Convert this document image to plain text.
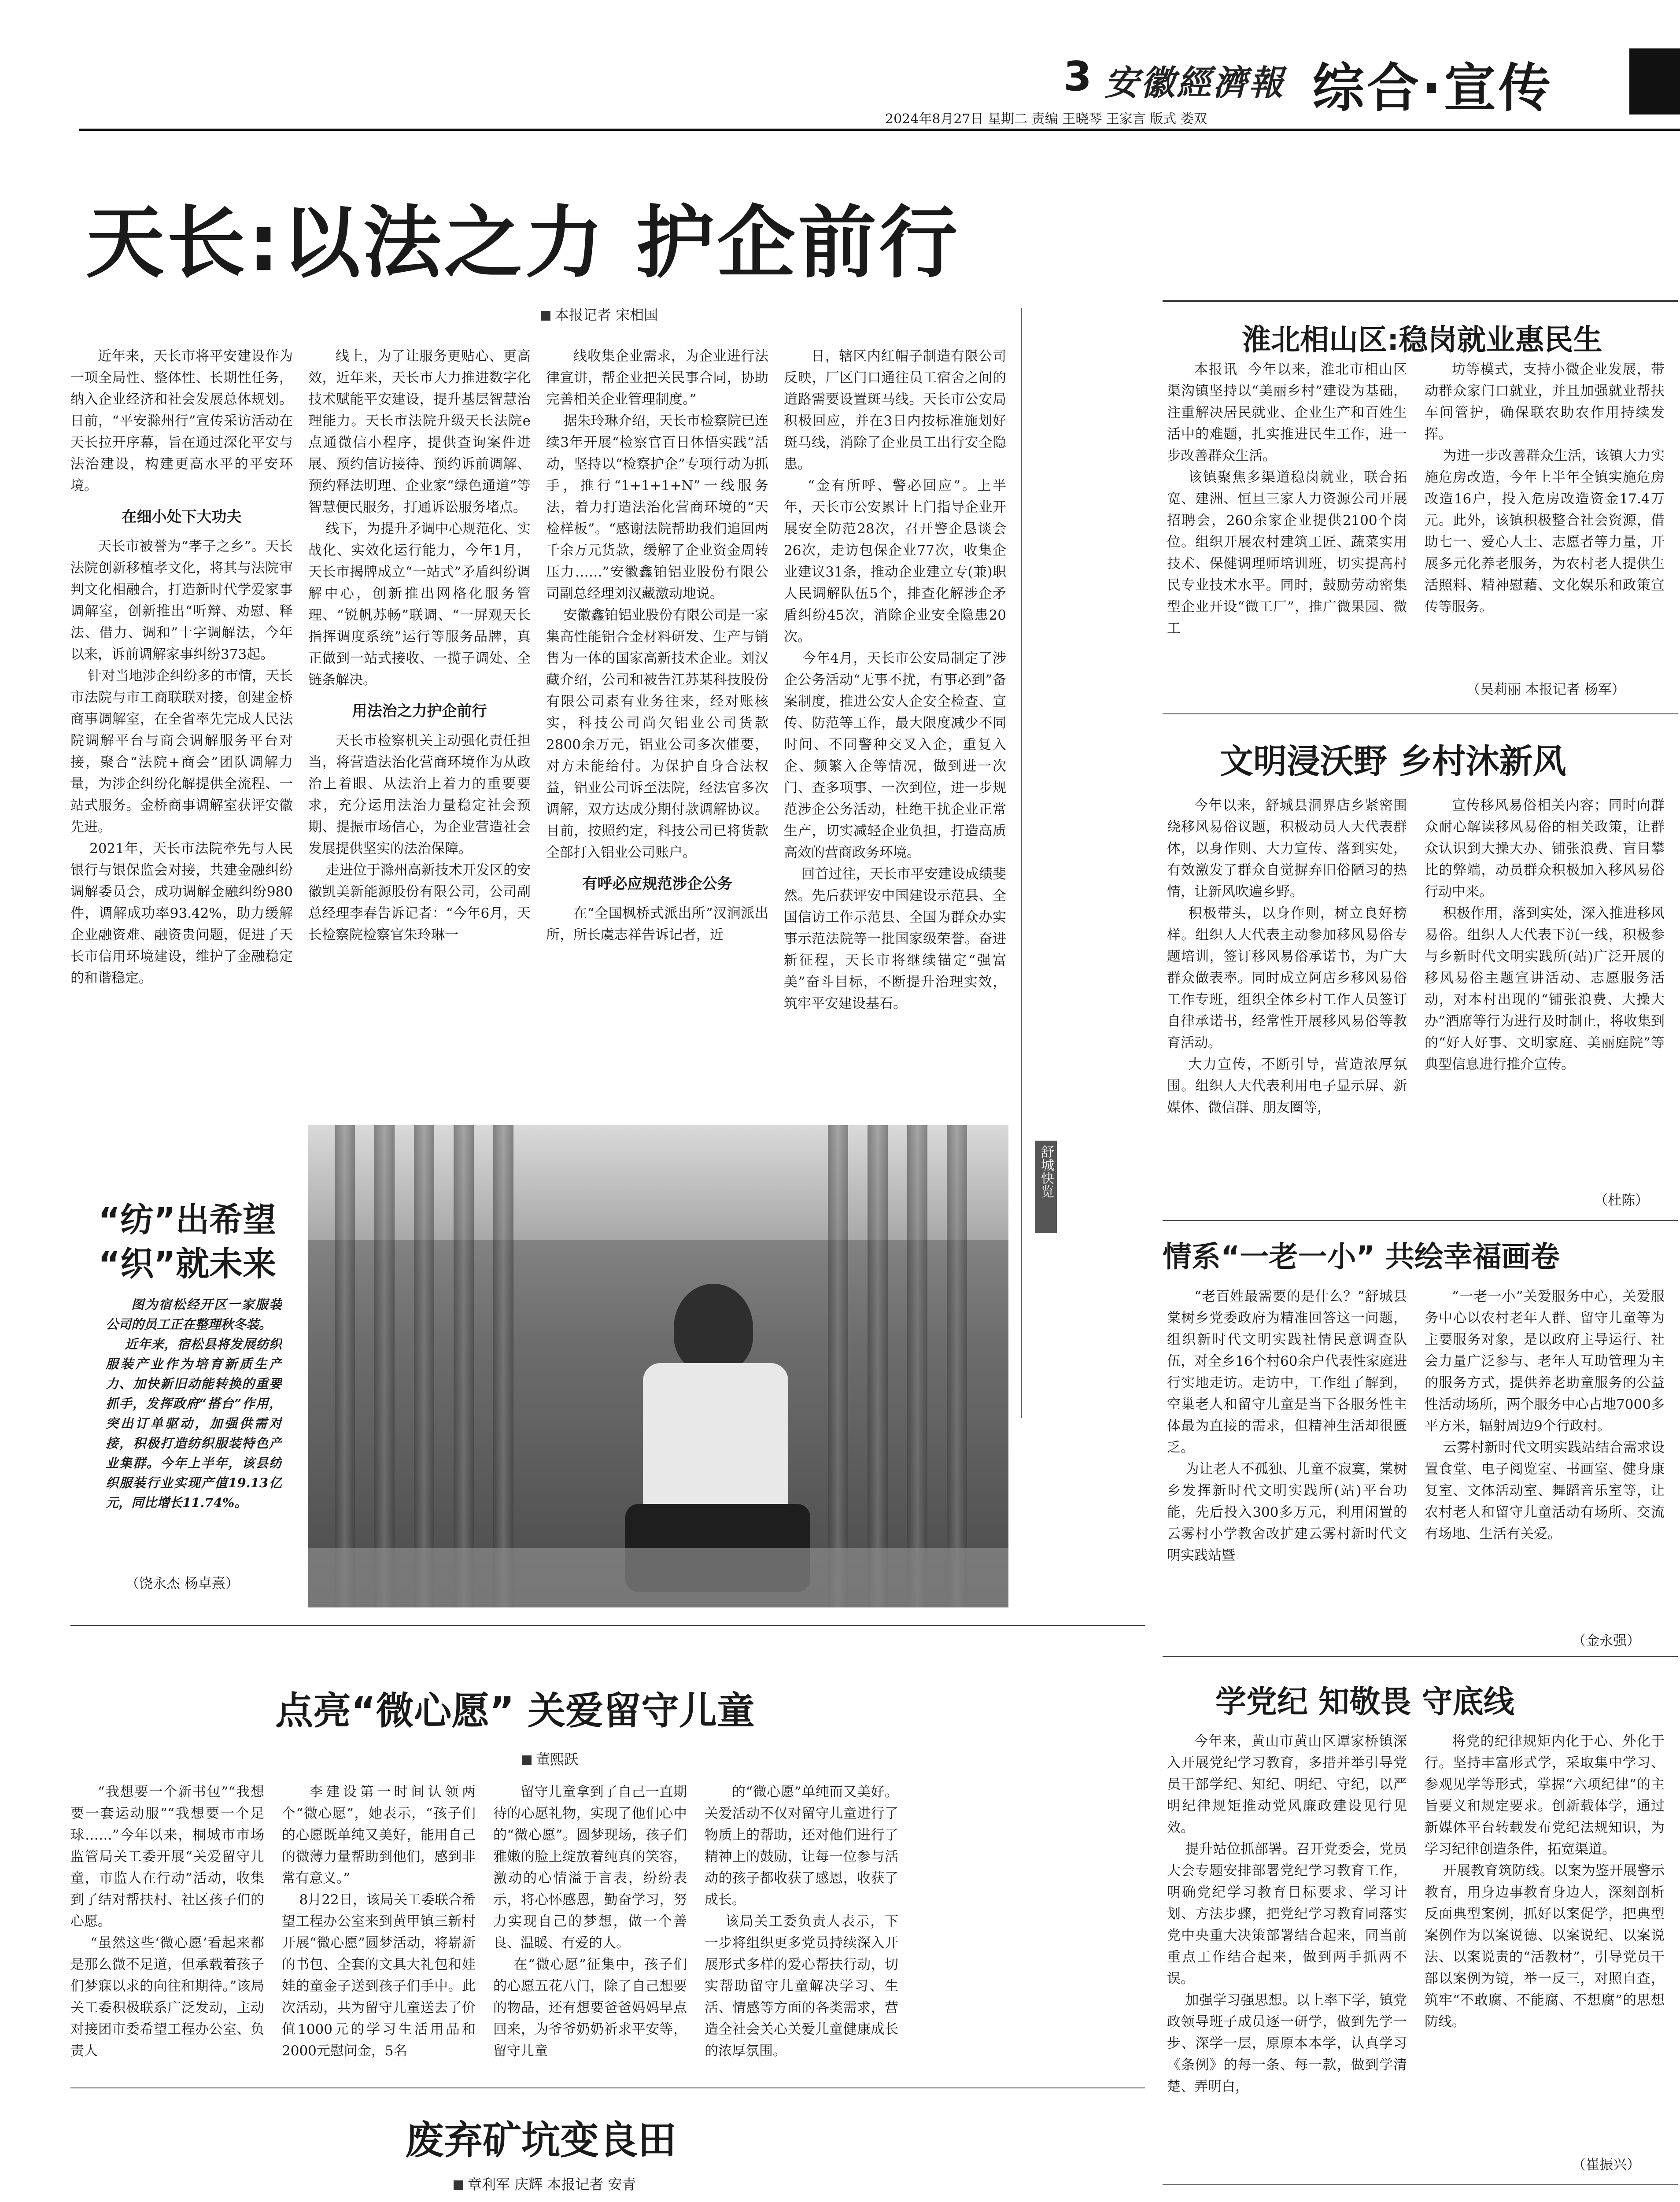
3 安徽經濟報
2024年8月27日 星期二 责编 王晓琴 王家言 版式 娄双
综合·宣传
天长:以法之力 护企前行
本报记者 宋相国

近年来，天长市将平安建设作为一项全局性、整体性、长期性任务，纳入企业经济和社会发展总体规划。日前，“平安滁州行”宣传采访活动在天长拉开序幕，旨在通过深化平安与法治建设，构建更高水平的平安环境。

在细小处下大功夫

天长市被誉为“孝子之乡”。天长法院创新移植孝文化，将其与法院审判文化相融合，打造新时代学爱家事调解室，创新推出“听辩、劝慰、释法、借力、调和”十字调解法，今年以来，诉前调解家事纠纷373起。
针对当地涉企纠纷多的市情，天长市法院与市工商联联对接，创建金桥商事调解室，在全省率先完成人民法院调解平台与商会调解服务平台对接，聚合“法院+商会”团队调解力量，为涉企纠纷化解提供全流程、一站式服务。金桥商事调解室获评安徽先进。
2021年，天长市法院牵先与人民银行与银保监会对接，共建金融纠纷调解委员会，成功调解金融纠纷980件，调解成功率93.42%，助力缓解企业融资难、融资贵问题，促进了天长市信用环境建设，维护了金融稳定的和谐稳定。

线上，为了让服务更贴心、更高效，近年来，天长市大力推进数字化技术赋能平安建设，提升基层智慧治理能力。天长市法院升级天长法院e点通微信小程序，提供查询案件进展、预约信访接待、预约诉前调解、预约释法明理、企业家“绿色通道”等智慧便民服务，打通诉讼服务堵点。
线下，为提升矛调中心规范化、实战化、实效化运行能力，今年1月，天长市揭牌成立“一站式”矛盾纠纷调解中心，创新推出网格化服务管理、“锐帆苏畅”联调、“一屏观天长指挥调度系统”运行等服务品牌，真正做到一站式接收、一揽子调处、全链条解决。

用法治之力护企前行

天长市检察机关主动强化责任担当，将营造法治化营商环境作为从政治上着眼、从法治上着力的重要要求，充分运用法治力量稳定社会预期、提振市场信心，为企业营造社会发展提供坚实的法治保障。
走进位于滁州高新技术开发区的安徽凯美新能源股份有限公司，公司副总经理李春告诉记者：“今年6月，天长检察院检察官朱玲琳一

线收集企业需求，为企业进行法律宣讲，帮企业把关民事合同，协助完善相关企业管理制度。”
据朱玲琳介绍，天长市检察院已连续3年开展“检察官百日体悟实践”活动，坚持以“检察护企”专项行动为抓手，推行“1+1+1+N”一线服务法，着力打造法治化营商环境的“天检样板”。“感谢法院帮助我们追回两千余万元货款，缓解了企业资金周转压力……”安徽鑫铂铝业股份有限公司副总经理刘汉藏激动地说。
安徽鑫铂铝业股份有限公司是一家集高性能铝合金材料研发、生产与销售为一体的国家高新技术企业。刘汉藏介绍，公司和被告江苏某科技股份有限公司素有业务往来，经对账核实，科技公司尚欠铝业公司货款2800余万元，铝业公司多次催要，对方未能给付。为保护自身合法权益，铝业公司诉至法院，经法官多次调解，双方达成分期付款调解协议。目前，按照约定，科技公司已将货款全部打入铝业公司账户。

有呼必应规范涉企公务

在“全国枫桥式派出所”汊涧派出所，所长虞志祥告诉记者，近

日，辖区内红帽子制造有限公司反映，厂区门口通往员工宿舍之间的道路需要设置斑马线。天长市公安局积极回应，并在3日内按标准施划好斑马线，消除了企业员工出行安全隐患。
“金有所呼、警必回应”。上半年，天长市公安累计上门指导企业开展安全防范28次，召开警企恳谈会26次，走访包保企业77次，收集企业建议31条，推动企业建立专(兼)职人民调解队伍5个，排查化解涉企矛盾纠纷45次，消除企业安全隐患20次。
今年4月，天长市公安局制定了涉企公务活动“无事不扰，有事必到”备案制度，推进公安人企安全检查、宣传、防范等工作，最大限度减少不同时间、不同警种交叉入企，重复入企、频繁入企等情况，做到进一次门、查多项事、一次到位，进一步规范涉企公务活动，杜绝干扰企业正常生产，切实减轻企业负担，打造高质高效的营商政务环境。
回首过往，天长市平安建设成绩斐然。先后获评安中国建设示范县、全国信访工作示范县、全国为群众办实事示范法院等一批国家级荣誉。奋进新征程，天长市将继续锚定“强富美”奋斗目标，不断提升治理实效，筑牢平安建设基石。

“纺”出希望
“织”就未来

图为宿松经开区一家服装公司的员工正在整理秋冬装。
近年来，宿松县将发展纺织服装产业作为培育新质生产力、加快新旧动能转换的重要抓手，发挥政府“搭台”作用，突出订单驱动，加强供需对接，积极打造纺织服装特色产业集群。今年上半年，该县纺织服装行业实现产值19.13亿元，同比增长11.74%。

（饶永杰 杨卓熹）
舒城快览
淮北相山区:稳岗就业惠民生

本报讯  今年以来，淮北市相山区渠沟镇坚持以“美丽乡村”建设为基础，注重解决居民就业、企业生产和百姓生活中的难题，扎实推进民生工作，进一步改善群众生活。
该镇聚焦多渠道稳岗就业，联合拓宽、建洲、恒旦三家人力资源公司开展招聘会，260余家企业提供2100个岗位。组织开展农村建筑工匠、蔬菜实用技术、保健调理师培训班，切实提高村民专业技术水平。同时，鼓励劳动密集型企业开设“微工厂”，推广微果园、微工

坊等模式，支持小微企业发展，带动群众家门口就业，并且加强就业帮扶车间管护，确保联农助农作用持续发挥。
为进一步改善群众生活，该镇大力实施危房改造，今年上半年全镇实施危房改造16户，投入危房改造资金17.4万元。此外，该镇积极整合社会资源，借助七一、爱心人士、志愿者等力量，开展多元化养老服务，为农村老人提供生活照料、精神慰藉、文化娱乐和政策宣传等服务。

（吴莉丽 本报记者 杨军）
文明浸沃野 乡村沐新风

今年以来，舒城县洞界店乡紧密围绕移风易俗议题，积极动员人大代表群体，以身作则、大力宣传、落到实处，有效激发了群众自觉摒弃旧俗陋习的热情，让新风吹遍乡野。
积极带头，以身作则，树立良好榜样。组织人大代表主动参加移风易俗专题培训，签订移风易俗承诺书，为广大群众做表率。同时成立阿店乡移风易俗工作专班，组织全体乡村工作人员签订自律承诺书，经常性开展移风易俗等教育活动。
大力宣传，不断引导，营造浓厚氛围。组织人大代表利用电子显示屏、新媒体、微信群、朋友圈等，

宣传移风易俗相关内容；同时向群众耐心解读移风易俗的相关政策，让群众认识到大操大办、铺张浪费、盲目攀比的弊端，动员群众积极加入移风易俗行动中来。
积极作用，落到实处，深入推进移风易俗。组织人大代表下沉一线，积极参与乡新时代文明实践所(站)广泛开展的移风易俗主题宣讲活动、志愿服务活动，对本村出现的“铺张浪费、大操大办”酒席等行为进行及时制止，将收集到的“好人好事、文明家庭、美丽庭院”等典型信息进行推介宣传。

（杜陈）
情系“一老一小” 共绘幸福画卷

“老百姓最需要的是什么？”舒城县棠树乡党委政府为精准回答这一问题，组织新时代文明实践社情民意调查队伍，对全乡16个村60余户代表性家庭进行实地走访。走访中，工作组了解到，空巢老人和留守儿童是当下各服务性主体最为直接的需求，但精神生活却很匮乏。
为让老人不孤独、儿童不寂寞，棠树乡发挥新时代文明实践所(站)平台功能，先后投入300多万元，利用闲置的云雾村小学教舍改扩建云雾村新时代文明实践站暨

“一老一小”关爱服务中心，关爱服务中心以农村老年人群、留守儿童等为主要服务对象，是以政府主导运行、社会力量广泛参与、老年人互助管理为主的服务方式，提供养老助童服务的公益性活动场所，两个服务中心占地7000多平方米，辐射周边9个行政村。
云雾村新时代文明实践站结合需求设置食堂、电子阅览室、书画室、健身康复室、文体活动室、舞蹈音乐室等，让农村老人和留守儿童活动有场所、交流有场地、生活有关爱。

（金永强）
学党纪 知敬畏 守底线

今年来，黄山市黄山区谭家桥镇深入开展党纪学习教育，多措并举引导党员干部学纪、知纪、明纪、守纪，以严明纪律规矩推动党风廉政建设见行见效。
提升站位抓部署。召开党委会，党员大会专题安排部署党纪学习教育工作，明确党纪学习教育目标要求、学习计划、方法步骤，把党纪学习教育同落实党中央重大决策部署结合起来，同当前重点工作结合起来，做到两手抓两不误。
加强学习强思想。以上率下学，镇党政领导班子成员逐一研学，做到先学一步、深学一层，原原本本学，认真学习《条例》的每一条、每一款，做到学清楚、弄明白，

将党的纪律规矩内化于心、外化于行。坚持丰富形式学，采取集中学习、参观见学等形式，掌握“六项纪律”的主旨要义和规定要求。创新载体学，通过新媒体平台转载发布党纪法规知识，为学习纪律创造条件，拓宽渠道。
开展教育筑防线。以案为鉴开展警示教育，用身边事教育身边人，深刻剖析反面典型案例，抓好以案促学，把典型案例作为以案说德、以案说纪、以案说法、以案说责的“活教材”，引导党员干部以案例为镜，举一反三，对照自查，筑牢“不敢腐、不能腐、不想腐”的思想防线。

（崔振兴）

点亮“微心愿” 关爱留守儿童
董熙跃

“我想要一个新书包”“我想要一套运动服”“我想要一个足球……”今年以来，桐城市市场监管局关工委开展“关爱留守儿童，市监人在行动”活动，收集到了结对帮扶村、社区孩子们的心愿。
“虽然这些‘微心愿’看起来都是那么微不足道，但承载着孩子们梦寐以求的向往和期待。”该局关工委积极联系广泛发动，主动对接团市委希望工程办公室、负责人

李建设第一时间认领两个“微心愿”，她表示，“孩子们的心愿既单纯又美好，能用自己的微薄力量帮助到他们，感到非常有意义。”
8月22日，该局关工委联合希望工程办公室来到黄甲镇三新村开展“微心愿”圆梦活动，将崭新的书包、全套的文具大礼包和娃娃的童金子送到孩子们手中。此次活动，共为留守儿童送去了价值1000元的学习生活用品和2000元慰问金，5名

留守儿童拿到了自己一直期待的心愿礼物，实现了他们心中的“微心愿”。圆梦现场，孩子们雅嫩的脸上绽放着纯真的笑容，激动的心情溢于言表，纷纷表示，将心怀感恩，勤奋学习，努力实现自己的梦想，做一个善良、温暖、有爱的人。
在“微心愿”征集中，孩子们的心愿五花八门，除了自己想要的物品，还有想要爸爸妈妈早点回来，为爷爷奶奶祈求平安等，留守儿童

的“微心愿”单纯而又美好。关爱活动不仅对留守儿童进行了物质上的帮助，还对他们进行了精神上的鼓励，让每一位参与活动的孩子都收获了感恩，收获了成长。
该局关工委负责人表示，下一步将组织更多党员持续深入开展形式多样的爱心帮扶行动，切实帮助留守儿童解决学习、生活、情感等方面的各类需求，营造全社会关心关爱儿童健康成长的浓厚氛围。

废弃矿坑变良田
章利军 庆辉 本报记者 安青
